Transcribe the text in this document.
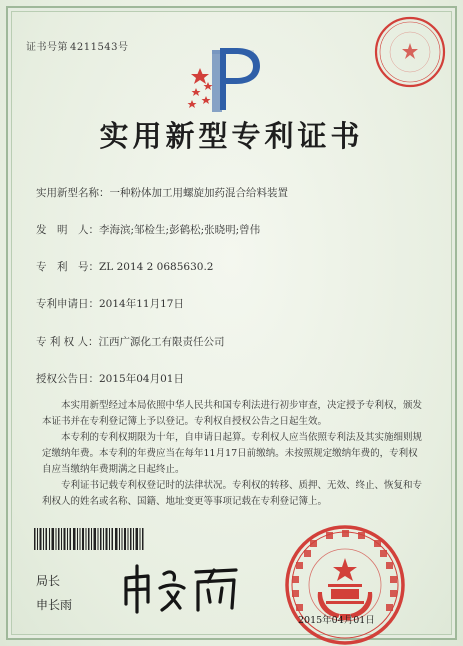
证书号第 4211543号
实用新型专利证书
实用新型名称：一种粉体加工用螺旋加药混合给料装置
发　明　人：李海滨;邹检生;彭鹤松;张晓明;曾伟
专　利　号：ZL 2014 2 0685630.2
专利申请日：2014年11月17日
专 利 权 人：江西广源化工有限责任公司
授权公告日：2015年04月01日

本实用新型经过本局依照中华人民共和国专利法进行初步审查，决定授予专利权，颁发本证书并在专利登记簿上予以登记。专利权自授权公告之日起生效。

本专利的专利权期限为十年，自申请日起算。专利权人应当依照专利法及其实施细则规定缴纳年费。本专利的年费应当在每年11月17日前缴纳。未按照规定缴纳年费的，专利权自应当缴纳年费期满之日起终止。

专利证书记载专利权登记时的法律状况。专利权的转移、质押、无效、终止、恢复和专利权人的姓名或名称、国籍、地址变更等事项记载在专利登记簿上。

局长
申长雨
2015年04月01日
